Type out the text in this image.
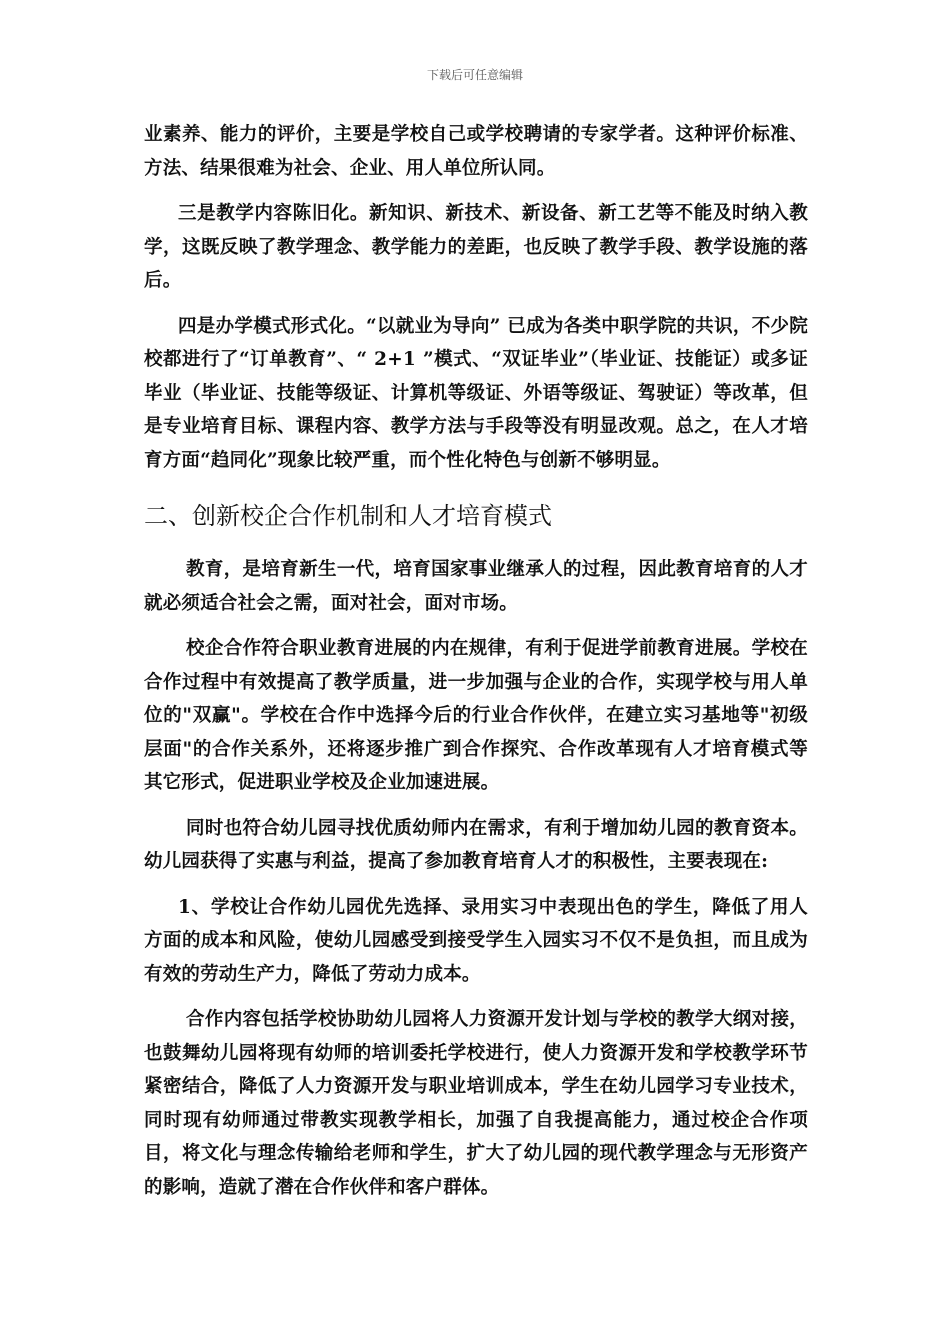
下载后可任意编辑

业素养、能力的评价，主要是学校自己或学校聘请的专家学者。这种评价标准、方法、结果很难为社会、企业、用人单位所认同。

三是教学内容陈旧化。新知识、新技术、新设备、新工艺等不能及时纳入教学，这既反映了教学理念、教学能力的差距，也反映了教学手段、教学设施的落后。

四是办学模式形式化。“以就业为导向” 已成为各类中职学院的共识，不少院校都进行了“订单教育”、“ 2+1 ”模式、“双证毕业”（毕业证、技能证）或多证毕业（毕业证、技能等级证、计算机等级证、外语等级证、驾驶证）等改革，但是专业培育目标、课程内容、教学方法与手段等没有明显改观。总之，在人才培育方面“趋同化”现象比较严重，而个性化特色与创新不够明显。

二、创新校企合作机制和人才培育模式

教育，是培育新生一代，培育国家事业继承人的过程，因此教育培育的人才就必须适合社会之需，面对社会，面对市场。

校企合作符合职业教育进展的内在规律，有利于促进学前教育进展。学校在合作过程中有效提高了教学质量，进一步加强与企业的合作，实现学校与用人单位的"双赢"。学校在合作中选择今后的行业合作伙伴，在建立实习基地等"初级层面"的合作关系外，还将逐步推广到合作探究、合作改革现有人才培育模式等其它形式，促进职业学校及企业加速进展。

同时也符合幼儿园寻找优质幼师内在需求，有利于增加幼儿园的教育资本。幼儿园获得了实惠与利益，提高了参加教育培育人才的积极性，主要表现在:

1、学校让合作幼儿园优先选择、录用实习中表现出色的学生，降低了用人方面的成本和风险，使幼儿园感受到接受学生入园实习不仅不是负担，而且成为有效的劳动生产力，降低了劳动力成本。

合作内容包括学校协助幼儿园将人力资源开发计划与学校的教学大纲对接，也鼓舞幼儿园将现有幼师的培训委托学校进行，使人力资源开发和学校教学环节紧密结合，降低了人力资源开发与职业培训成本，学生在幼儿园学习专业技术，同时现有幼师通过带教实现教学相长，加强了自我提高能力，通过校企合作项目，将文化与理念传输给老师和学生，扩大了幼儿园的现代教学理念与无形资产的影响，造就了潜在合作伙伴和客户群体。
